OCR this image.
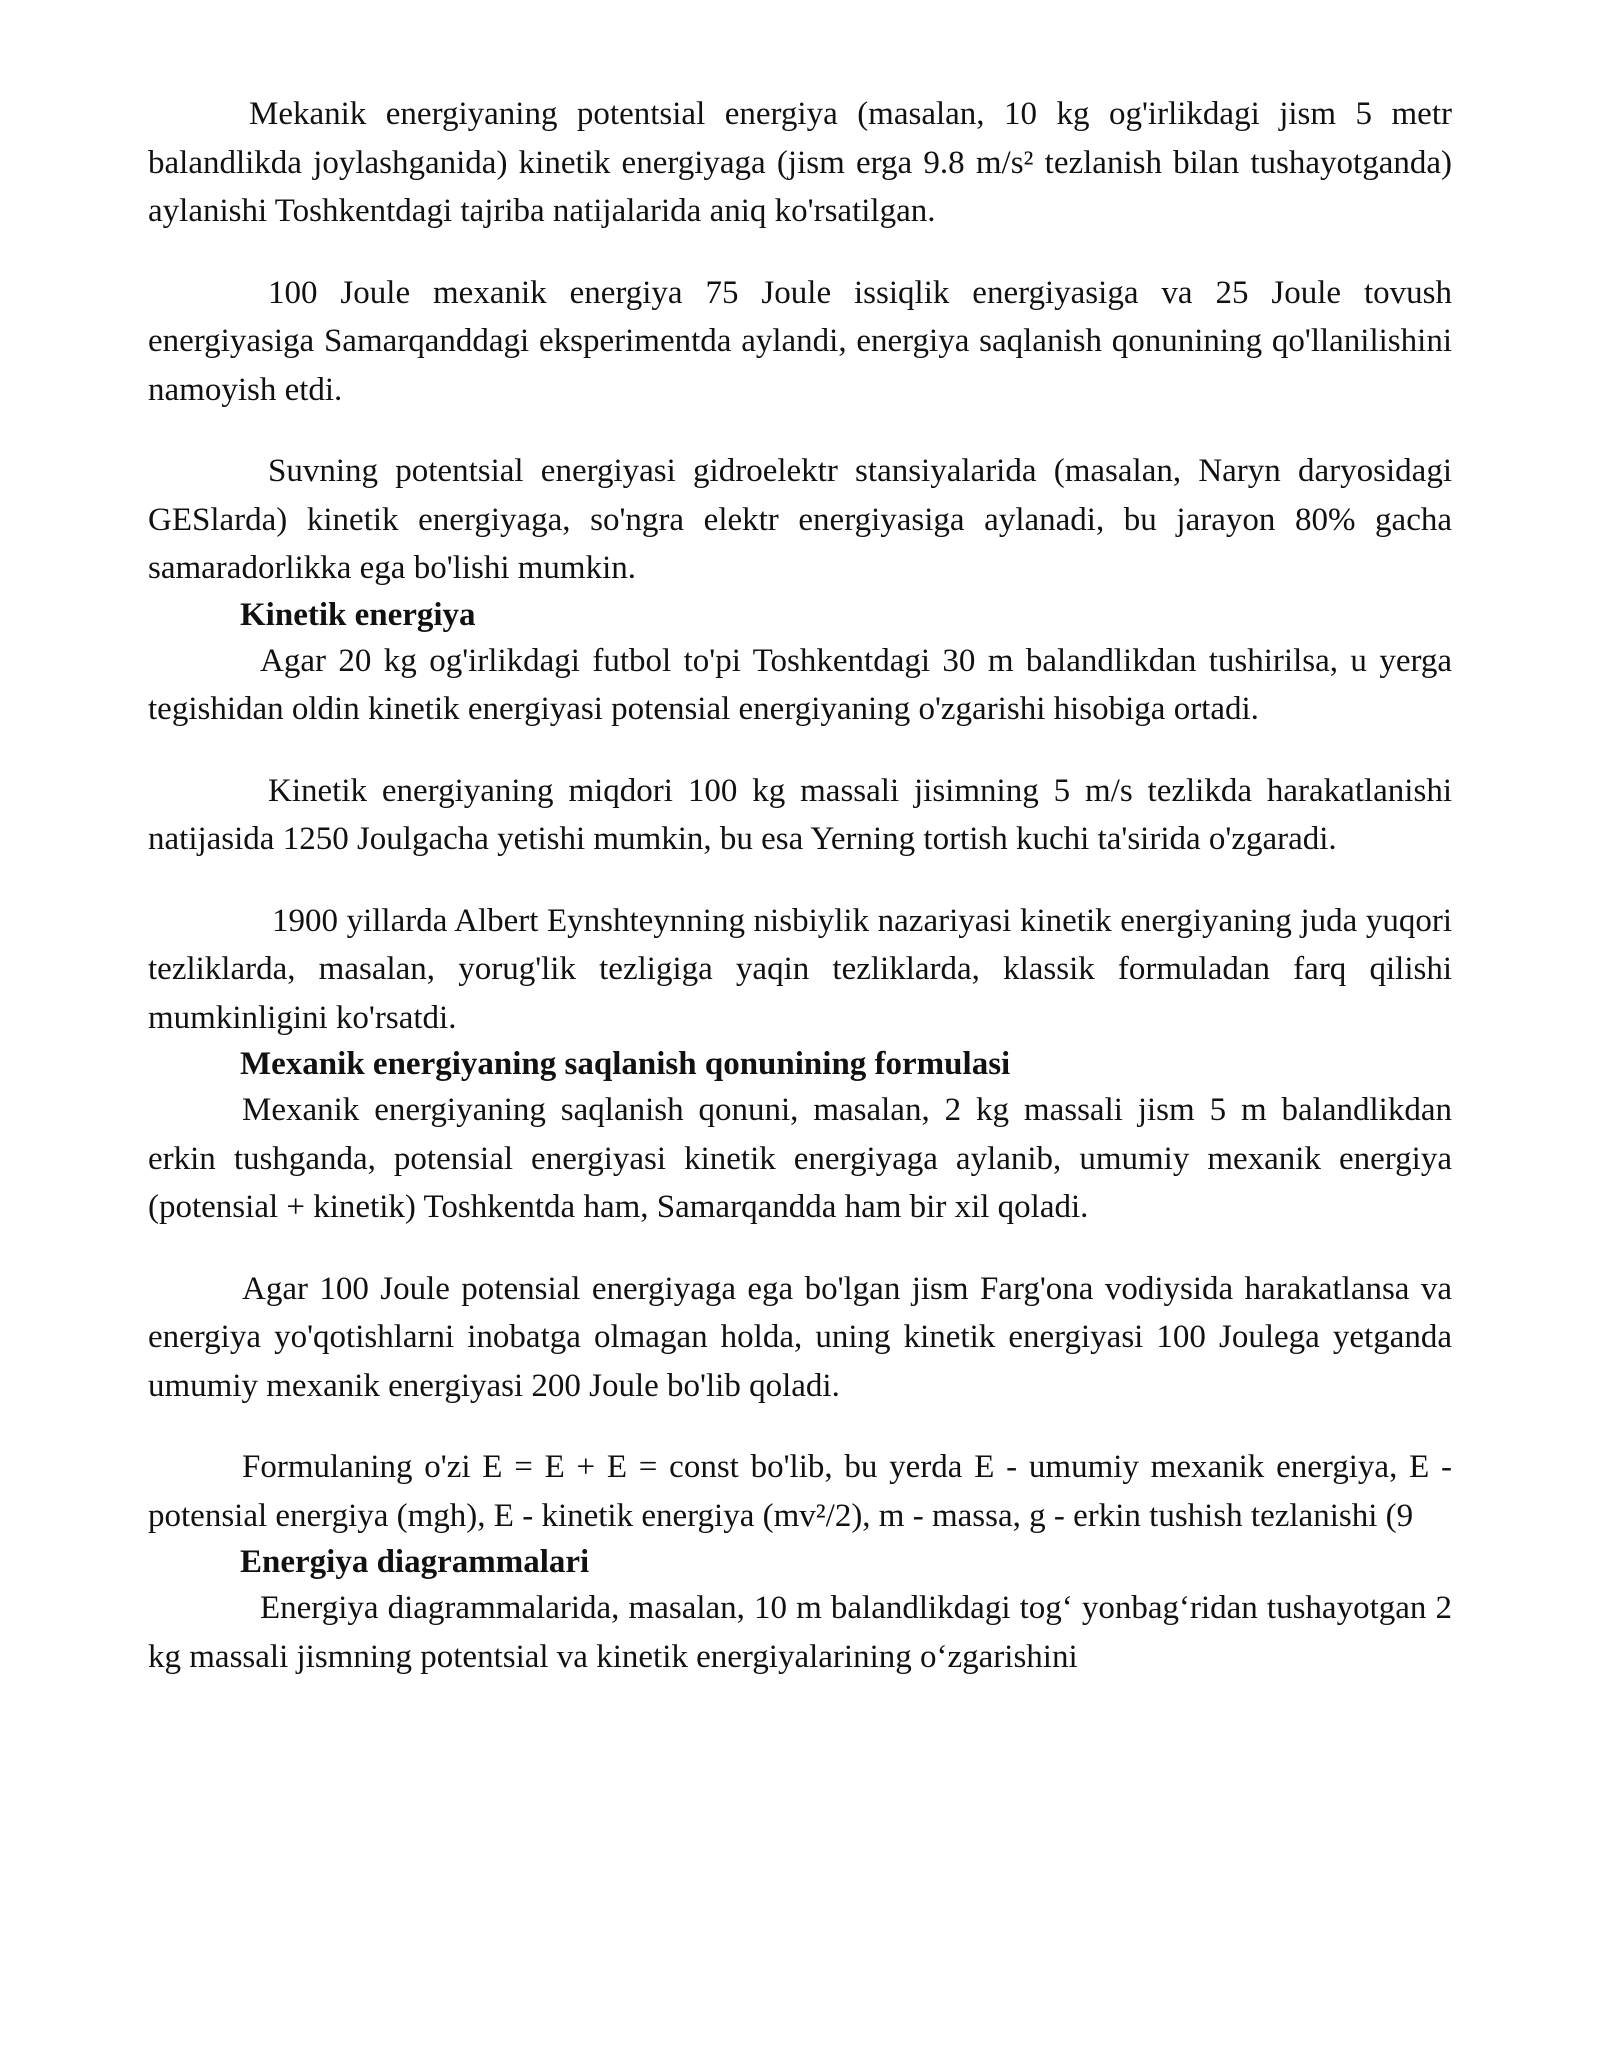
Mekanik energiyaning potentsial energiya (masalan, 10 kg og'irlikdagi jism 5 metr balandlikda joylashganida) kinetik energiyaga (jism erga 9.8 m/s² tezlanish bilan tushayotganda) aylanishi Toshkentdagi tajriba natijalarida aniq ko'rsatilgan.

100 Joule mexanik energiya 75 Joule issiqlik energiyasiga va 25 Joule tovush energiyasiga Samarqanddagi eksperimentda aylandi, energiya saqlanish qonunining qo'llanilishini namoyish etdi.

Suvning potentsial energiyasi gidroelektr stansiyalarida (masalan, Naryn daryosidagi GESlarda) kinetik energiyaga, so'ngra elektr energiyasiga aylanadi, bu jarayon 80% gacha samaradorlikka ega bo'lishi mumkin.

Kinetik energiya

Agar 20 kg og'irlikdagi futbol to'pi Toshkentdagi 30 m balandlikdan tushirilsa, u yerga tegishidan oldin kinetik energiyasi potensial energiyaning o'zgarishi hisobiga ortadi.

Kinetik energiyaning miqdori 100 kg massali jisimning 5 m/s tezlikda harakatlanishi natijasida 1250 Joulgacha yetishi mumkin, bu esa Yerning tortish kuchi ta'sirida o'zgaradi.

1900 yillarda Albert Eynshteynning nisbiylik nazariyasi kinetik energiyaning juda yuqori tezliklarda, masalan, yorug'lik tezligiga yaqin tezliklarda, klassik formuladan farq qilishi mumkinligini ko'rsatdi.

Mexanik energiyaning saqlanish qonunining formulasi

Mexanik energiyaning saqlanish qonuni, masalan, 2 kg massali jism 5 m balandlikdan erkin tushganda, potensial energiyasi kinetik energiyaga aylanib, umumiy mexanik energiya (potensial + kinetik) Toshkentda ham, Samarqandda ham bir xil qoladi.

Agar 100 Joule potensial energiyaga ega bo'lgan jism Farg'ona vodiysida harakatlansa va energiya yo'qotishlarni inobatga olmagan holda, uning kinetik energiyasi 100 Joulega yetganda umumiy mexanik energiyasi 200 Joule bo'lib qoladi.

Formulaning o'zi E = E + E = const bo'lib, bu yerda E - umumiy mexanik energiya, E - potensial energiya (mgh), E - kinetik energiya (mv²/2), m - massa, g - erkin tushish tezlanishi (9

Energiya diagrammalari

Energiya diagrammalarida, masalan, 10 m balandlikdagi tog‘ yonbag‘ridan tushayotgan 2 kg massali jismning potentsial va kinetik energiyalarining o‘zgarishini
